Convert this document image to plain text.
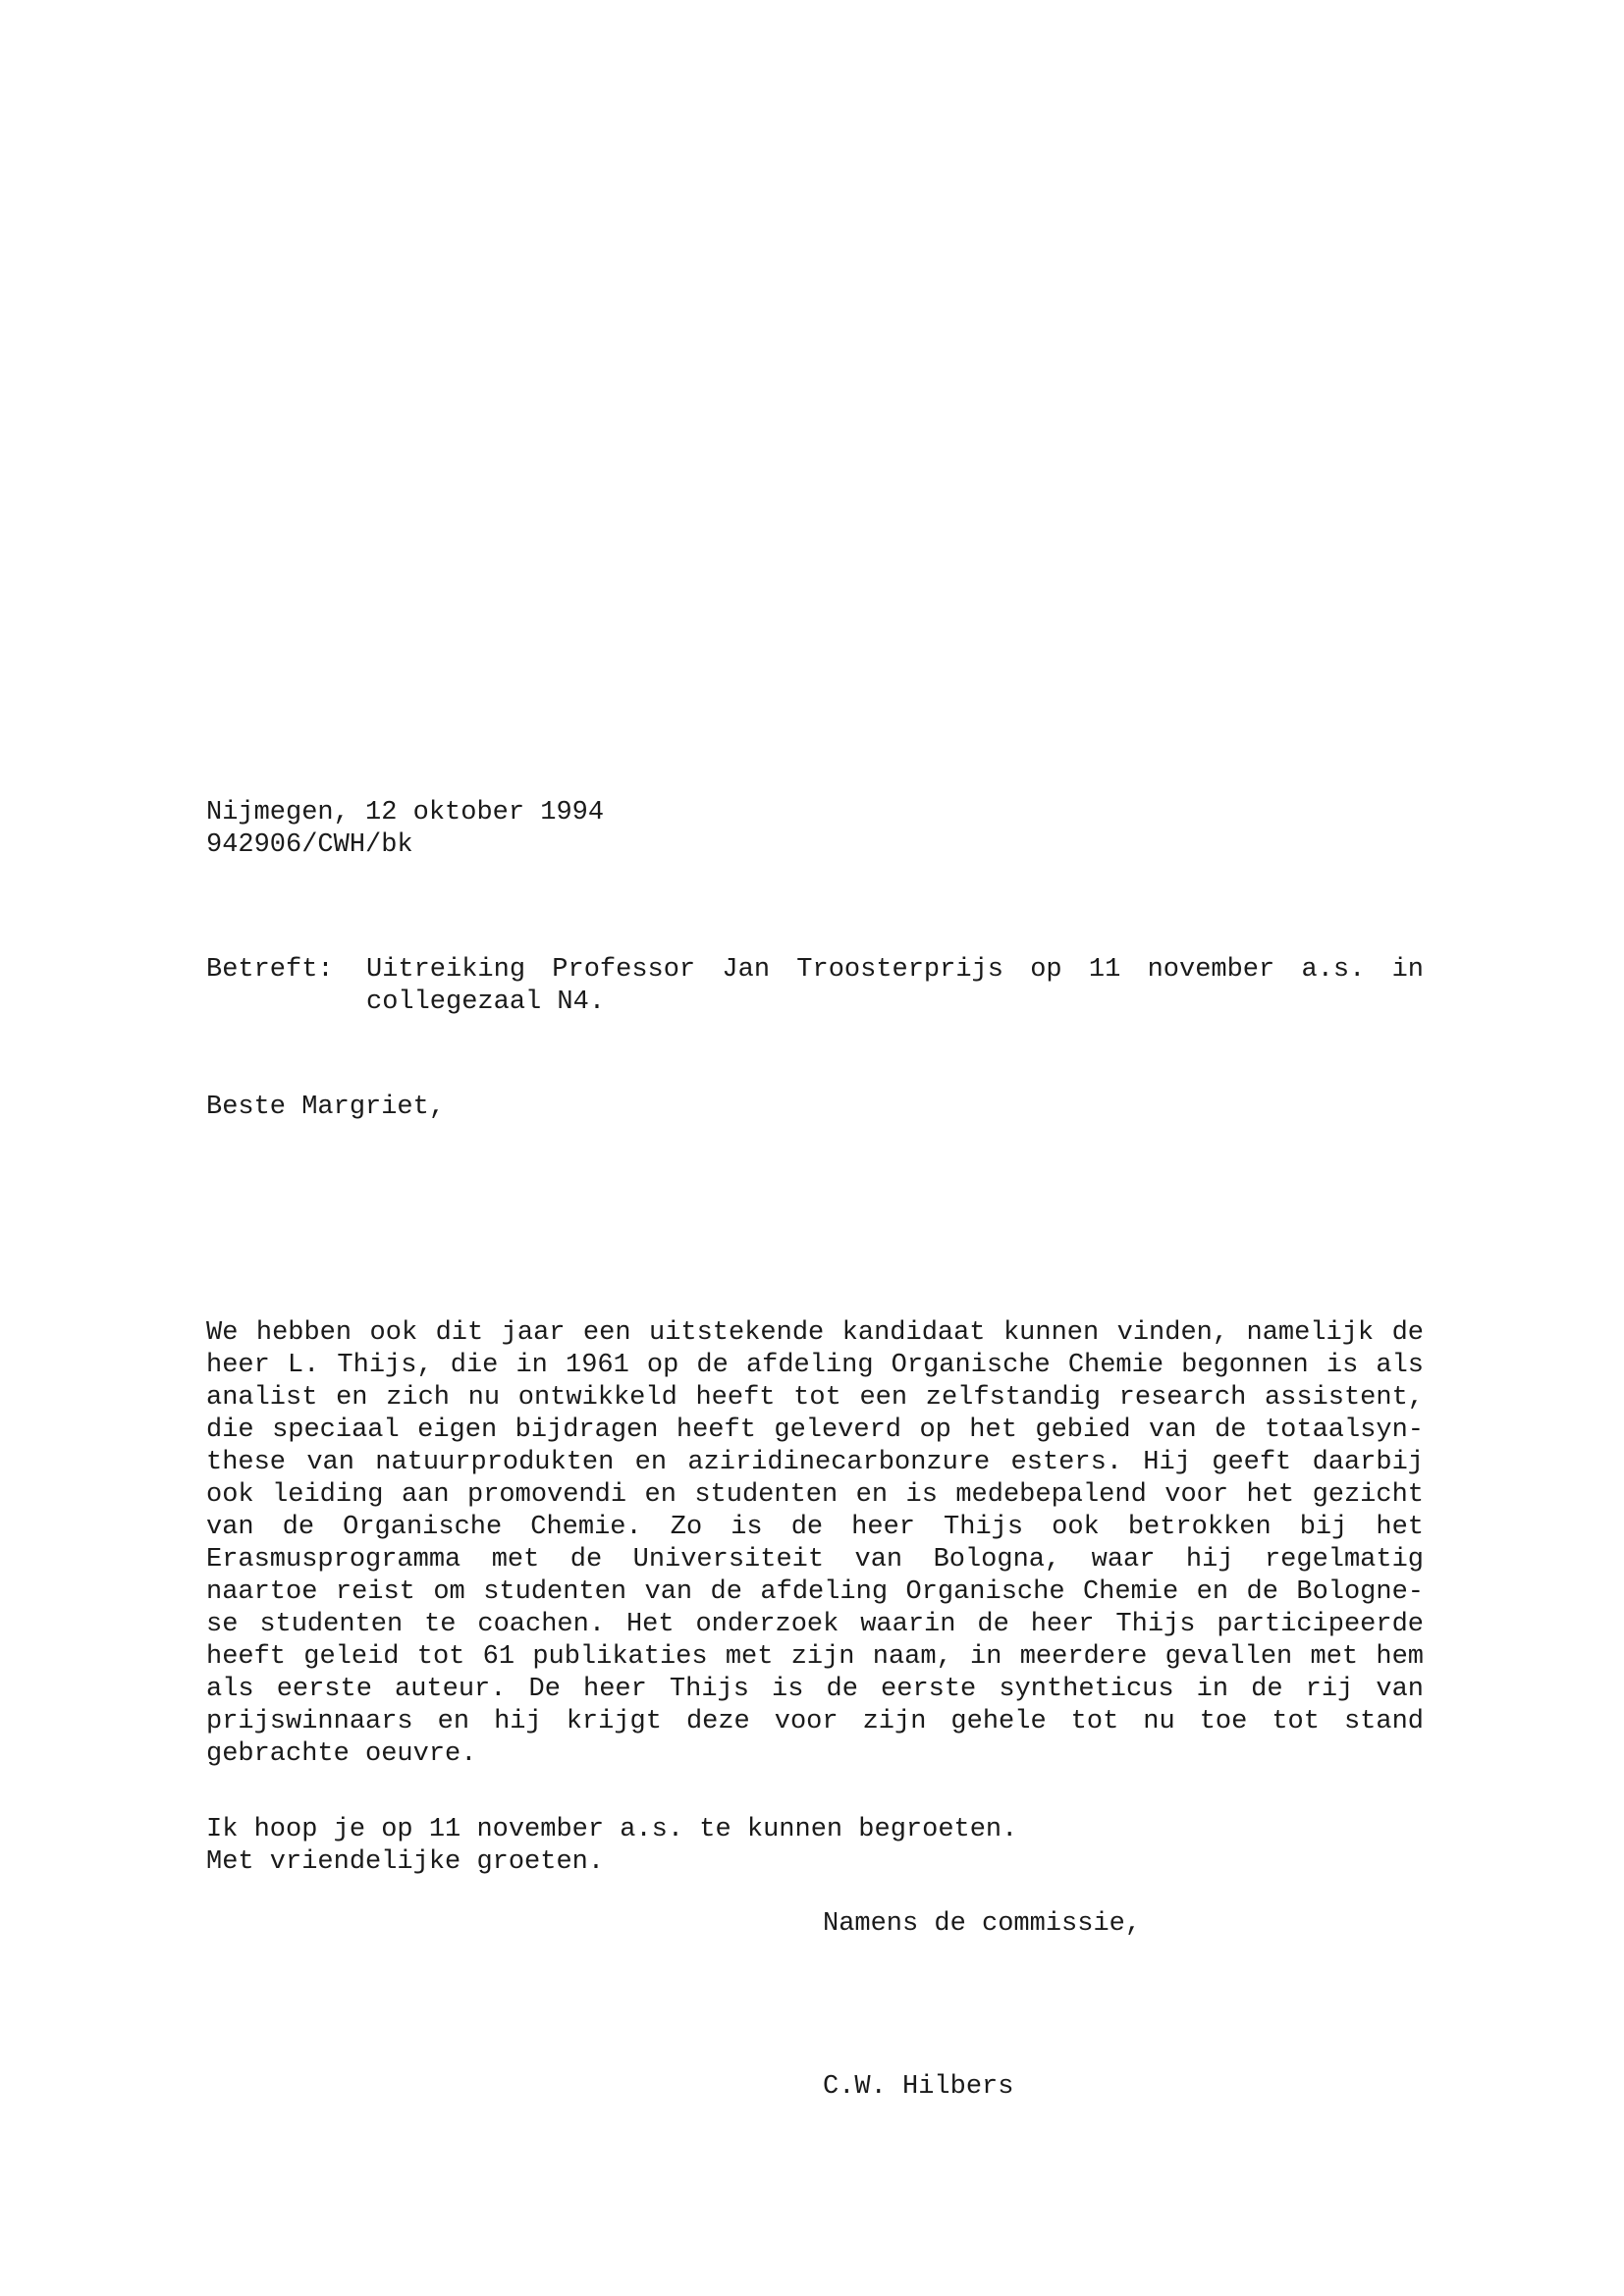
Nijmegen, 12 oktober 1994

942906/CWH/bk

Betreft: Uitreiking Professor Jan Troosterprijs op 11 november a.s. in
collegezaal N4.

Beste Margriet,

We hebben ook dit jaar een uitstekende kandidaat kunnen vinden, namelijk de
heer L. Thijs, die in 1961 op de afdeling Organische Chemie begonnen is als
analist en zich nu ontwikkeld heeft tot een zelfstandig research assistent,
die speciaal eigen bijdragen heeft geleverd op het gebied van de totaalsyn-
these van natuurprodukten en aziridinecarbonzure esters. Hij geeft daarbij
ook leiding aan promovendi en studenten en is medebepalend voor het gezicht
van de Organische Chemie. Zo is de heer Thijs ook betrokken bij het
Erasmusprogramma met de Universiteit van Bologna, waar hij regelmatig
naartoe reist om studenten van de afdeling Organische Chemie en de Bologne-
se studenten te coachen. Het onderzoek waarin de heer Thijs participeerde
heeft geleid tot 61 publikaties met zijn naam, in meerdere gevallen met hem
als eerste auteur. De heer Thijs is de eerste syntheticus in de rij van
prijswinnaars en hij krijgt deze voor zijn gehele tot nu toe tot stand
gebrachte oeuvre.

Ik hoop je op 11 november a.s. te kunnen begroeten.

Met vriendelijke groeten.

Namens de commissie,

C.W. Hilbers
